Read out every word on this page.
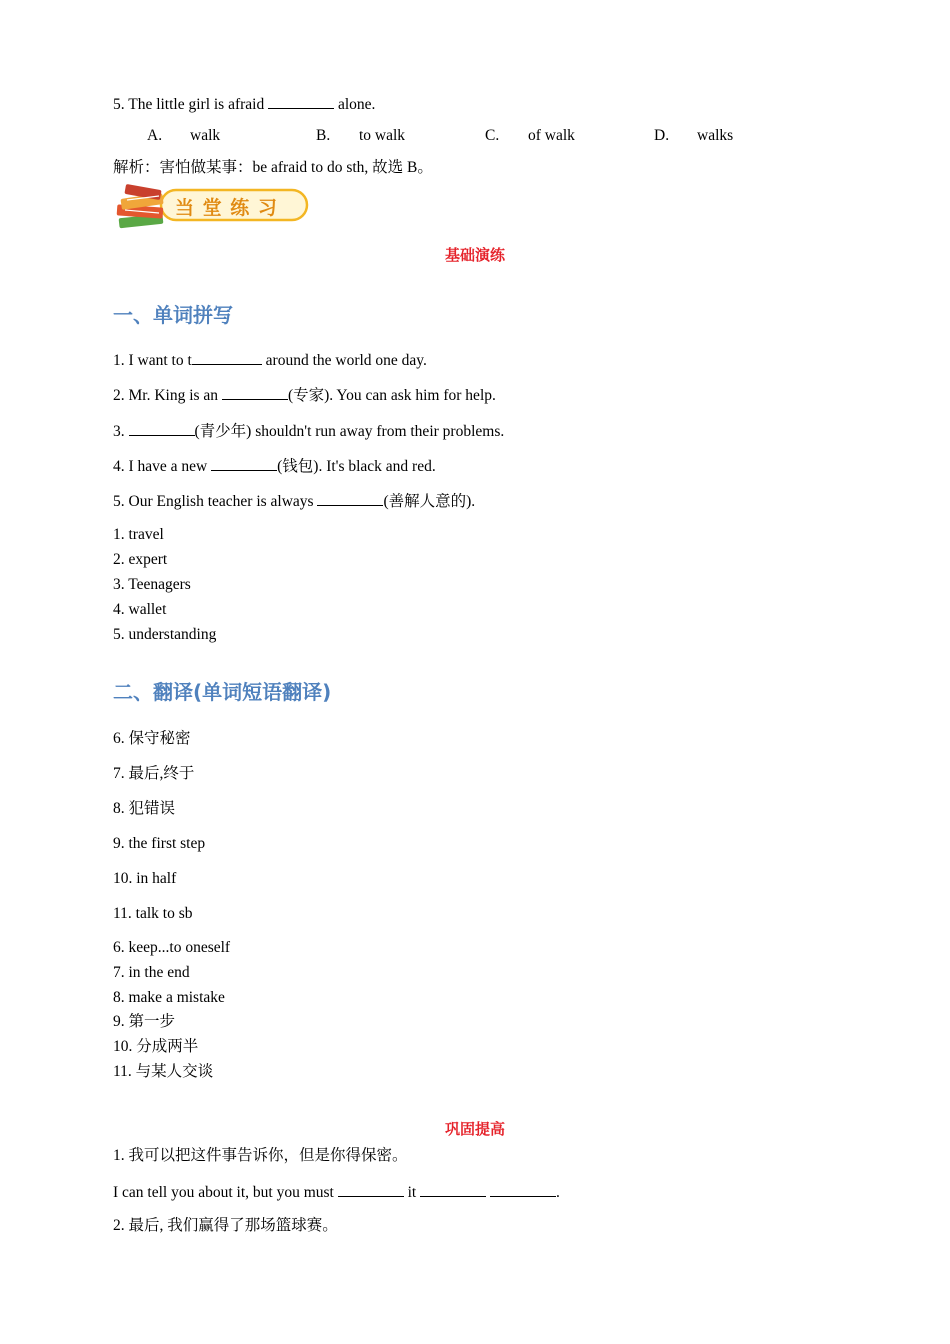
5. The little girl is afraid	alone.
A. walk	B. to walk	C. of walk	D. walks
解析：害怕做某事：be afraid to do sth, 故选 B。
当 堂 练 习
基础演练
一、单词拼写
1. I want to t	around the world one day.
2. Mr. King is an	(专家). You can ask him for help.
3.	(青少年) shouldn't run away from their problems.
4. I have a new	(钱包). It's black and red.
5. Our English teacher is always	(善解人意的).
1. travel
2. expert
3. Teenagers
4. wallet
5. understanding
二、翻译(单词短语翻译)
6. 保守秘密
7. 最后,终于
8. 犯错误
9. the first step
10. in half
11. talk to sb
6. keep...to oneself
7. in the end
8. make a mistake
9. 第一步
10. 分成两半
11. 与某人交谈
巩固提高
1. 我可以把这件事告诉你，但是你得保密。
I can tell you about it, but you must	it	.
2. 最后, 我们赢得了那场篮球赛。
